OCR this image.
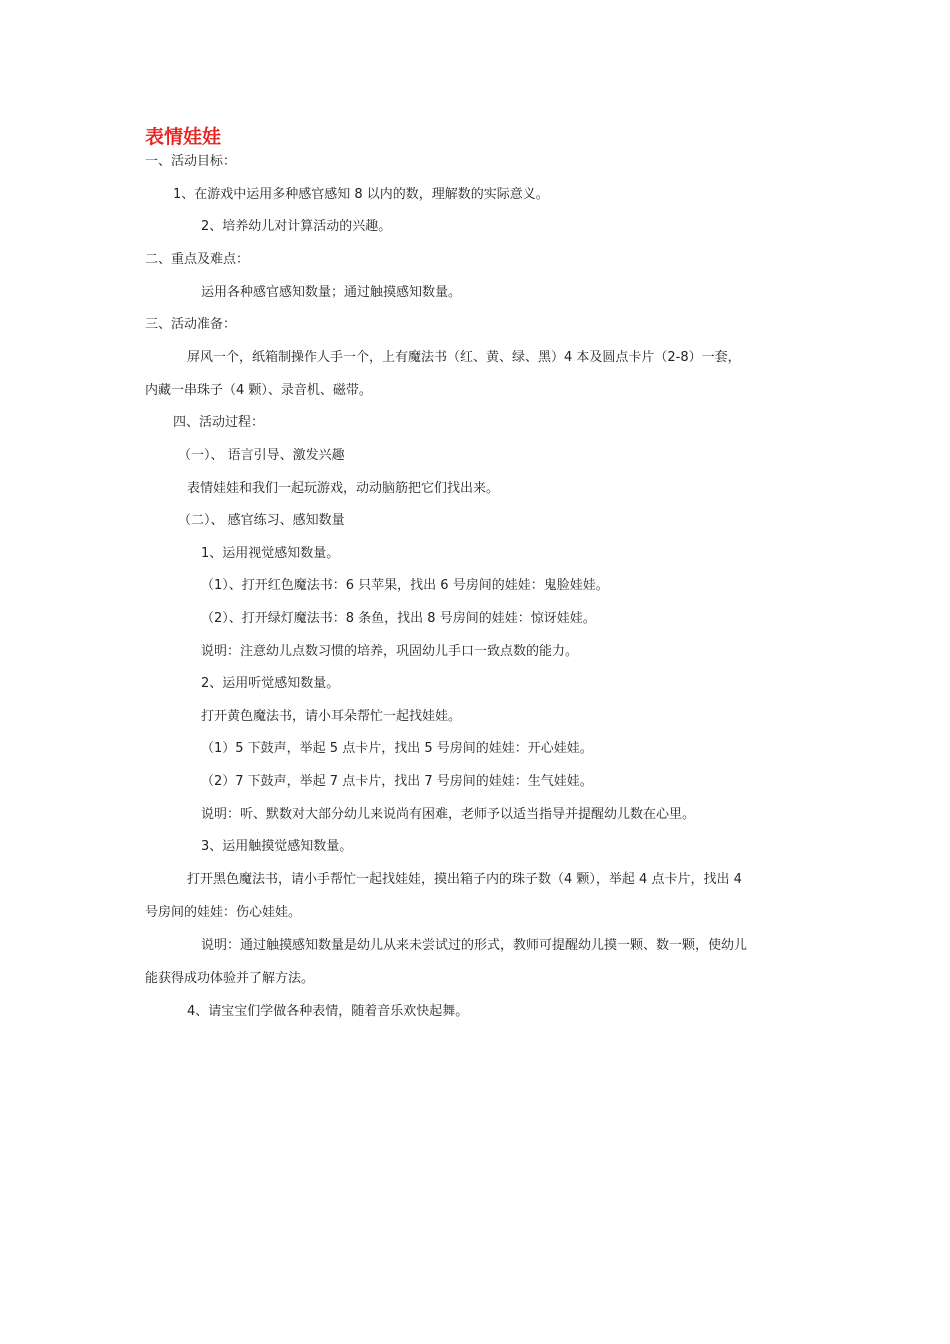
表情娃娃
一、活动目标：
1、在游戏中运用多种感官感知 8 以内的数，理解数的实际意义。
2、培养幼儿对计算活动的兴趣。
二、重点及难点：
运用各种感官感知数量；通过触摸感知数量。
三、活动准备：
屏风一个，纸箱制操作人手一个，上有魔法书（红、黄、绿、黑）4 本及圆点卡片（2-8）一套，
内藏一串珠子（4 颗）、录音机、磁带。
四、活动过程：
（一）、 语言引导、激发兴趣
表情娃娃和我们一起玩游戏，动动脑筋把它们找出来。
（二）、 感官练习、感知数量
1、运用视觉感知数量。
（1）、打开红色魔法书：6 只苹果，找出 6 号房间的娃娃：鬼脸娃娃。
（2）、打开绿灯魔法书：8 条鱼，找出 8 号房间的娃娃：惊讶娃娃。
说明：注意幼儿点数习惯的培养，巩固幼儿手口一致点数的能力。
2、运用听觉感知数量。
打开黄色魔法书，请小耳朵帮忙一起找娃娃。
（1）5 下鼓声，举起 5 点卡片，找出 5 号房间的娃娃：开心娃娃。
（2）7 下鼓声，举起 7 点卡片，找出 7 号房间的娃娃：生气娃娃。
说明：听、默数对大部分幼儿来说尚有困难，老师予以适当指导并提醒幼儿数在心里。
3、运用触摸觉感知数量。
打开黑色魔法书，请小手帮忙一起找娃娃，摸出箱子内的珠子数（4 颗），举起 4 点卡片，找出 4
号房间的娃娃：伤心娃娃。
说明：通过触摸感知数量是幼儿从来未尝试过的形式，教师可提醒幼儿摸一颗、数一颗，使幼儿
能获得成功体验并了解方法。
4、请宝宝们学做各种表情，随着音乐欢快起舞。
